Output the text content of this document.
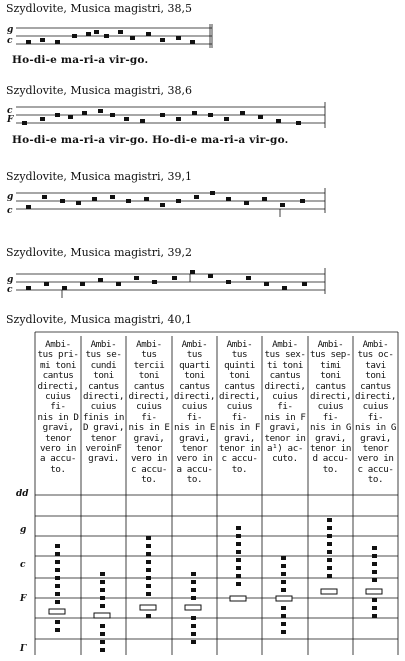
Szydlovite, Musica magistri, 38,5
Szydlovite, Musica magistri, 38,6
Szydlovite, Musica magistri, 39,1
Szydlovite, Musica magistri, 39,2
Szydlovite, Musica magistri, 40,1
Ho-di-e ma-ri-a vir-go.
Ho-di-e ma-ri-a vir-go. Ho-di-e ma-ri-a vir-go.
g
c
c
F
g
c
g
c
Ambi-
tus pri-
mi toni
cantus
directi,
cuius fi-
nis in D
gravi,
tenor
vero in
a accu-
to.
Ambi-
tus se-
cundi
toni
cantus
directi,
cuius
finis in
D gravi,
tenor
veroinF
gravi.
Ambi-
tus
tercii
toni
cantus
directi,
cuius fi-
nis in E
gravi,
tenor
vero in
c accu-
to.
Ambi-
tus
quarti
toni
cantus
directi,
cuius fi-
nis in E
gravi,
tenor
vero in
a accu-
to.
Ambi-
tus
quinti
toni
cantus
directi,
cuius fi-
nis in F
gravi,
tenor in
c accu-
to.
Ambi-
tus sex-
ti toni
cantus
directi,
cuius fi-
nis in F
gravi,
tenor in
a¹) ac-
cuto.
Ambi-
tus sep-
timi
toni
cantus
directi,
cuius fi-
nis in G
gravi,
tenor in
d accu-
to.
Ambi-
tus oc-
tavi
toni
cantus
directi,
cuius fi-
nis in G
gravi,
tenor
vero in
c accu-
to.
dd
g
c
F
Γ
